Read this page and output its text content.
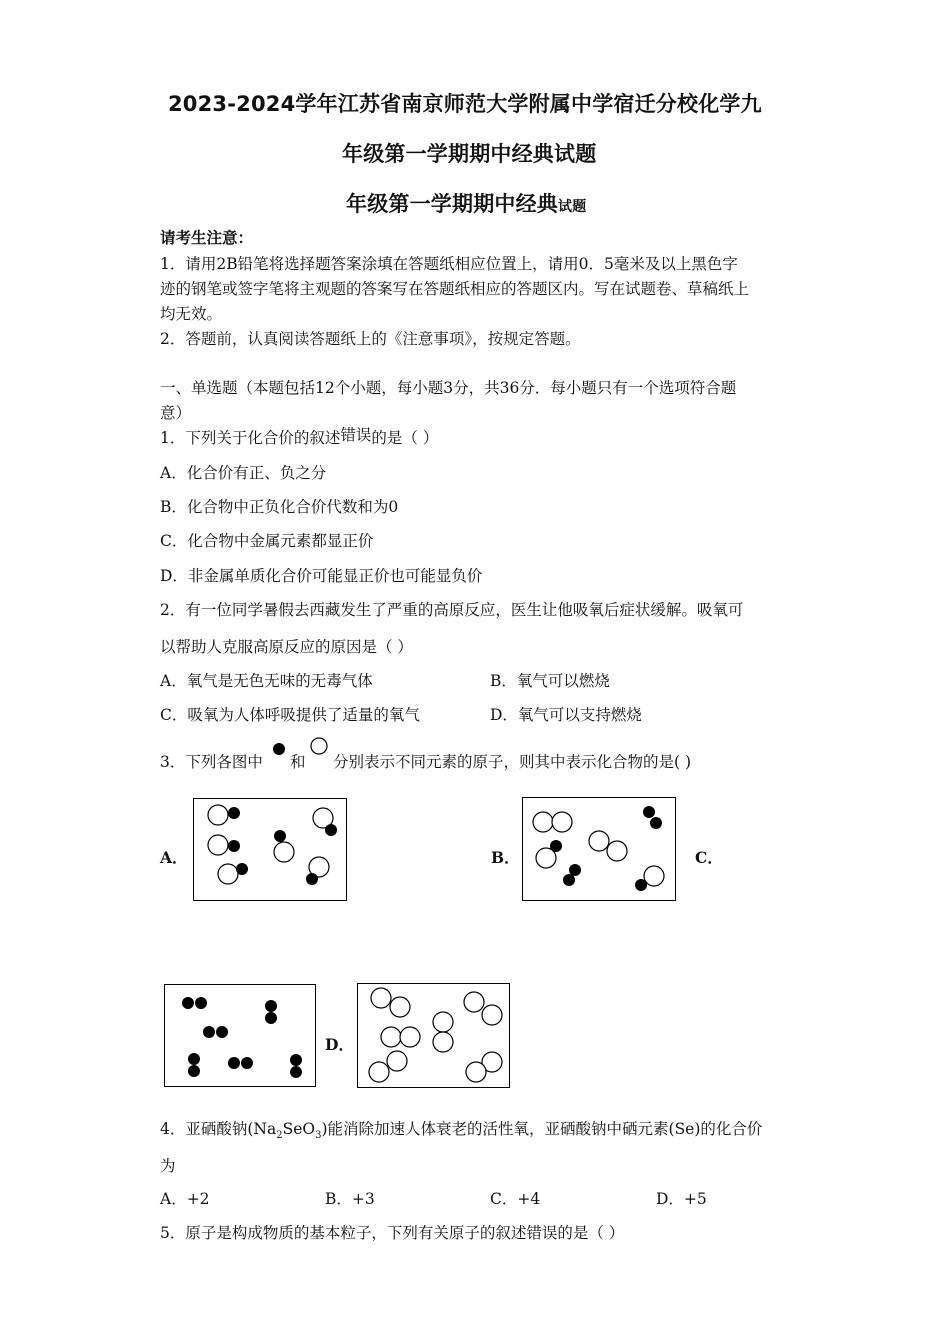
2023-2024学年江苏省南京师范大学附属中学宿迁分校化学九
年级第一学期期中经典试题
年级第一学期期中经典试题
请考生注意：
1．请用2B铅笔将选择题答案涂填在答题纸相应位置上，请用0．5毫米及以上黑色字
迹的钢笔或签字笔将主观题的答案写在答题纸相应的答题区内。写在试题卷、草稿纸上
均无效。
2．答题前，认真阅读答题纸上的《注意事项》，按规定答题。
一、单选题（本题包括12个小题，每小题3分，共36分．每小题只有一个选项符合题
意）
1．下列关于化合价的叙述错误的是（ ）
A．化合价有正、负之分
B．化合物中正负化合价代数和为0
C．化合物中金属元素都显正价
D．非金属单质化合价可能显正价也可能显负价
2．有一位同学暑假去西藏发生了严重的高原反应，医生让他吸氧后症状缓解。吸氧可
以帮助人克服高原反应的原因是（ ）
A．氧气是无色无味的无毒气体	B．氧气可以燃烧
C．吸氧为人体呼吸提供了适量的氧气	D．氧气可以支持燃烧
3．下列各图中 和 分别表示不同元素的原子，则其中表示化合物的是( )
A．	B．	C．
D．
4．亚硒酸钠$(Na_2SeO_3)$能消除加速人体衰老的活性氧，亚硒酸钠中硒元素(Se)的化合价
为
A．+2	B．+3	C．+4	D．+5
5．原子是构成物质的基本粒子，下列有关原子的叙述错误的是（ ）
